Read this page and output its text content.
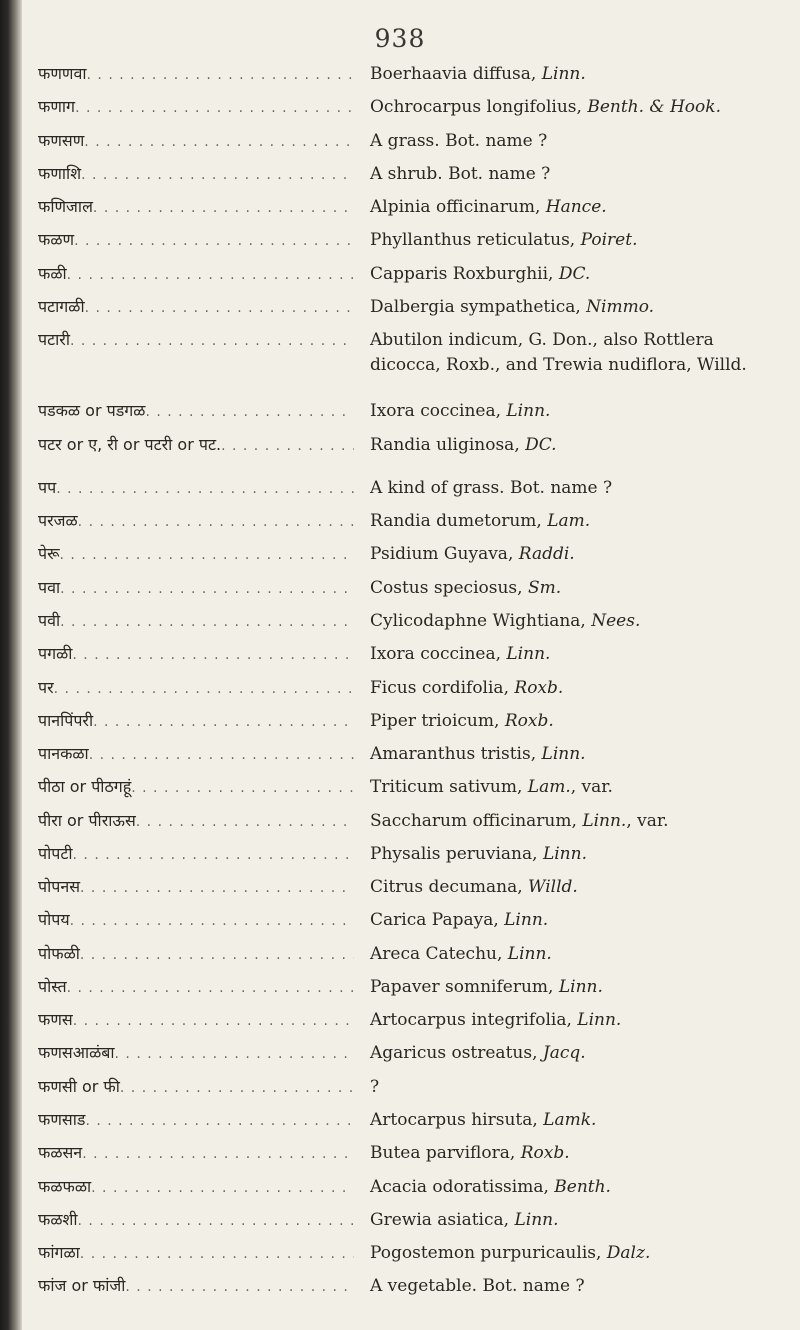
938
फणणवा . . .	Boerhaavia diffusa, Linn.
फणाग . . .	Ochrocarpus longifolius, Benth. & Hook.
फणसण . . .	A grass. Bot. name ?
फणाशि . . .	A shrub. Bot. name ?
फणिजाल . . .	Alpinia officinarum, Hance.
फळण . . .	Phyllanthus reticulatus, Poiret.
फळी . . .	Capparis Roxburghii, DC.
पटागळी . . .	Dalbergia sympathetica, Nimmo.
पटारी . . .	Abutilon indicum, G. Don., also Rottlera dicocca, Roxb., and Trewia nudiflora, Willd.
पडकळ or पडगळ . . .	Ixora coccinea, Linn.
पटर or ए, री or पटरी or पट. . . .	Randia uliginosa, DC.
पप . . .	A kind of grass. Bot. name ?
परजळ . . .	Randia dumetorum, Lam.
पेरू . . .	Psidium Guyava, Raddi.
पवा . . .	Costus speciosus, Sm.
पवी . . .	Cylicodaphne Wightiana, Nees.
पगळी . . .	Ixora coccinea, Linn.
पर . . .	Ficus cordifolia, Roxb.
पानपिंपरी . . .	Piper trioicum, Roxb.
पानकळा . . .	Amaranthus tristis, Linn.
पीठा or पीठगहूं . . .	Triticum sativum, Lam., var.
पीरा or पीराऊस . . .	Saccharum officinarum, Linn., var.
पोपटी . . .	Physalis peruviana, Linn.
पोपनस . . .	Citrus decumana, Willd.
पोपय . . .	Carica Papaya, Linn.
पोफळी . . .	Areca Catechu, Linn.
पोस्त . . .	Papaver somniferum, Linn.
फणस . . .	Artocarpus integrifolia, Linn.
फणसआळंबा . . .	Agaricus ostreatus, Jacq.
फणसी or फी . . .	?
फणसाड . . .	Artocarpus hirsuta, Lamk.
फळसन . . .	Butea parviflora, Roxb.
फळफळा . . .	Acacia odoratissima, Benth.
फळशी . . .	Grewia asiatica, Linn.
फांगळा . . .	Pogostemon purpuricaulis, Dalz.
फांज or फांजी . . .	A vegetable. Bot. name ?
